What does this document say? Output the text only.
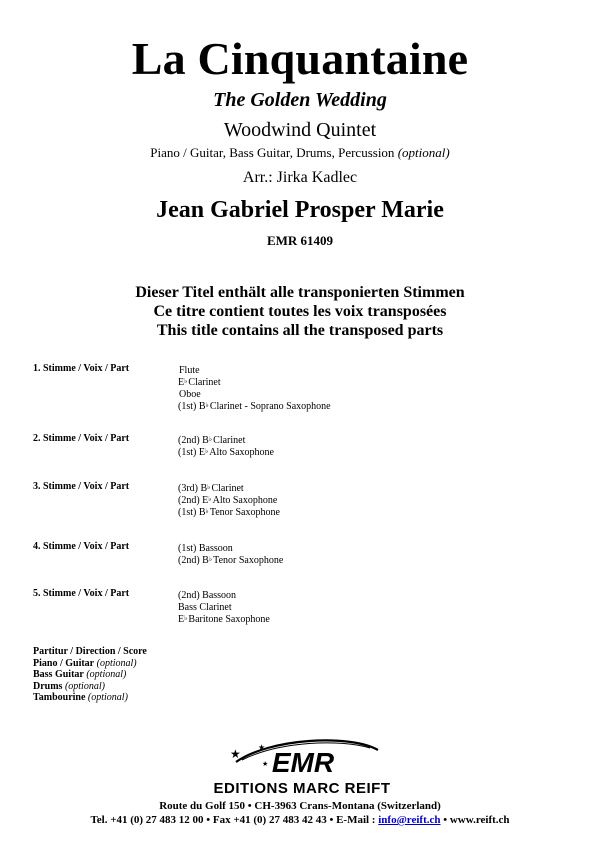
La Cinquantaine
The Golden Wedding
Woodwind Quintet
Piano / Guitar, Bass Guitar, Drums, Percussion (optional)
Arr.: Jirka Kadlec
Jean Gabriel Prosper Marie
EMR 61409
Dieser Titel enthält alle transponierten Stimmen
Ce titre contient toutes les voix transposées
This title contains all the transposed parts
1. Stimme / Voix / Part	Flute
E♭Clarinet
Oboe
(1st) B♭Clarinet - Soprano Saxophone
2. Stimme / Voix / Part	(2nd) B♭Clarinet
(1st) E♭Alto Saxophone
3. Stimme / Voix / Part	(3rd) B♭Clarinet
(2nd) E♭Alto Saxophone
(1st) B♭Tenor Saxophone
4. Stimme / Voix / Part	(1st) Bassoon
(2nd) B♭Tenor Saxophone
5. Stimme / Voix / Part	(2nd) Bassoon
Bass Clarinet
E♭Baritone Saxophone
Partitur / Direction / Score
Piano / Guitar (optional)
Bass Guitar (optional)
Drums (optional)
Tambourine (optional)
★ ★
★ EMR
EDITIONS MARC REIFT
Route du Golf 150 • CH-3963 Crans-Montana (Switzerland)
Tel. +41 (0) 27 483 12 00 • Fax +41 (0) 27 483 42 43 • E-Mail : info@reift.ch • www.reift.ch
